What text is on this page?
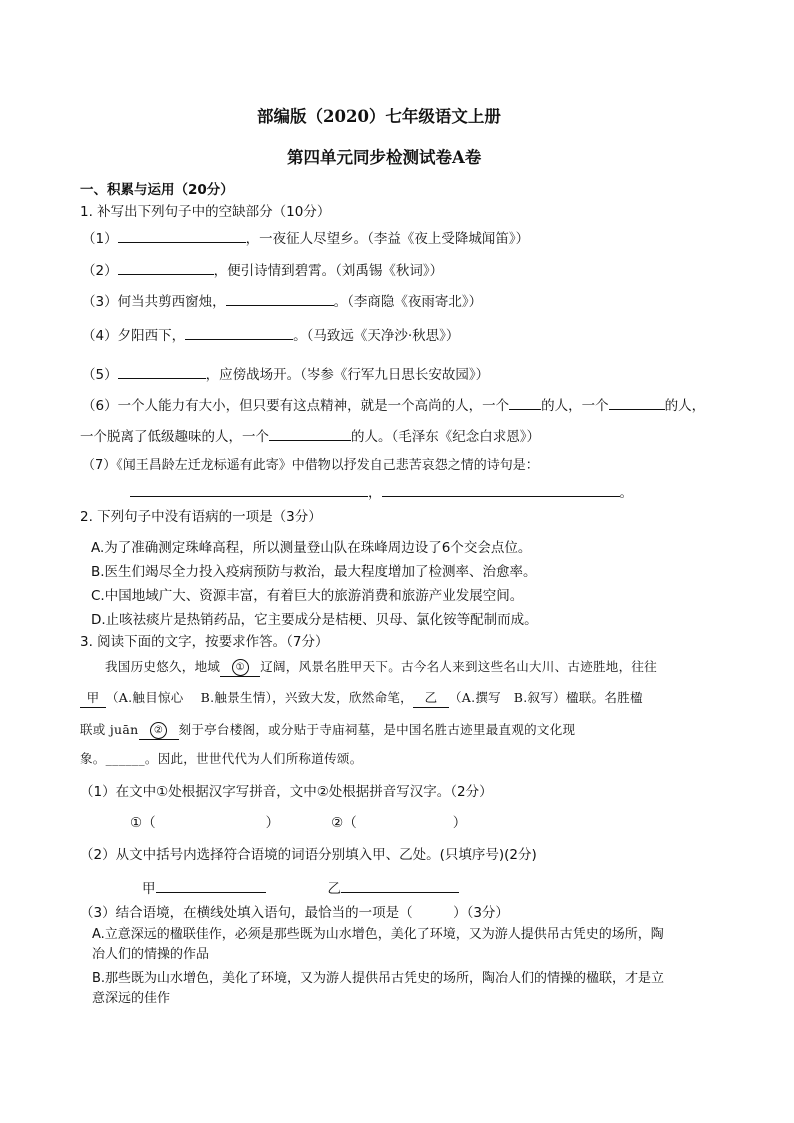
部编版（2020）七年级语文上册
第四单元同步检测试卷A卷
一、积累与运用（20分）
1. 补写出下列句子中的空缺部分（10分）
（1）	，一夜征人尽望乡。（李益《夜上受降城闻笛》）
（2）	，便引诗情到碧霄。（刘禹锡《秋词》）
（3）何当共剪西窗烛，	。（李商隐《夜雨寄北》）
（4）夕阳西下，	。（马致远《天净沙·秋思》）
（5）	，应傍战场开。（岑参《行军九日思长安故园》）
（6）一个人能力有大小，但只要有这点精神，就是一个高尚的人，一个 的人，一个	的人，
一个脱离了低级趣味的人，一个	的人。（毛泽东《纪念白求恩》）
（7）《闻王昌龄左迁龙标遥有此寄》中借物以抒发自己悲苦哀怨之情的诗句是：
，	。
2. 下列句子中没有语病的一项是（3分）
A.为了准确测定珠峰高程，所以测量登山队在珠峰周边设了6个交会点位。
B.医生们竭尽全力投入疫病预防与救治，最大程度增加了检测率、治愈率。
C.中国地域广大、资源丰富，有着巨大的旅游消费和旅游产业发展空间。
D.止咳祛痰片是热销药品，它主要成分是桔梗、贝母、氯化铵等配制而成。
3. 阅读下面的文字，按要求作答。（7分）
我国历史悠久，地域 ① 辽阔，风景名胜甲天下。古今名人来到这些名山大川、古迹胜地，往往
甲 （A.触目惊心　 B.触景生情），兴致大发，欣然命笔， 乙 （A.撰写　B.叙写）楹联。名胜楹
联或 juān ② 刻于亭台楼阁，或分贴于寺庙祠墓，是中国名胜古迹里最直观的文化现
象。______。因此，世世代代为人们所称道传颂。
（1）在文中①处根据汉字写拼音，文中②处根据拼音写汉字。（2分）
①（	）	②（	）
（2）从文中括号内选择符合语境的词语分别填入甲、乙处。(只填序号)(2分)
甲	乙
（3）结合语境，在横线处填入语句，最恰当的一项是（　　　）（3分）
A.立意深远的楹联佳作，必须是那些既为山水增色，美化了环境，又为游人提供吊古凭史的场所，陶
冶人们的情操的作品
B.那些既为山水增色，美化了环境，又为游人提供吊古凭史的场所，陶冶人们的情操的楹联，才是立
意深远的佳作
